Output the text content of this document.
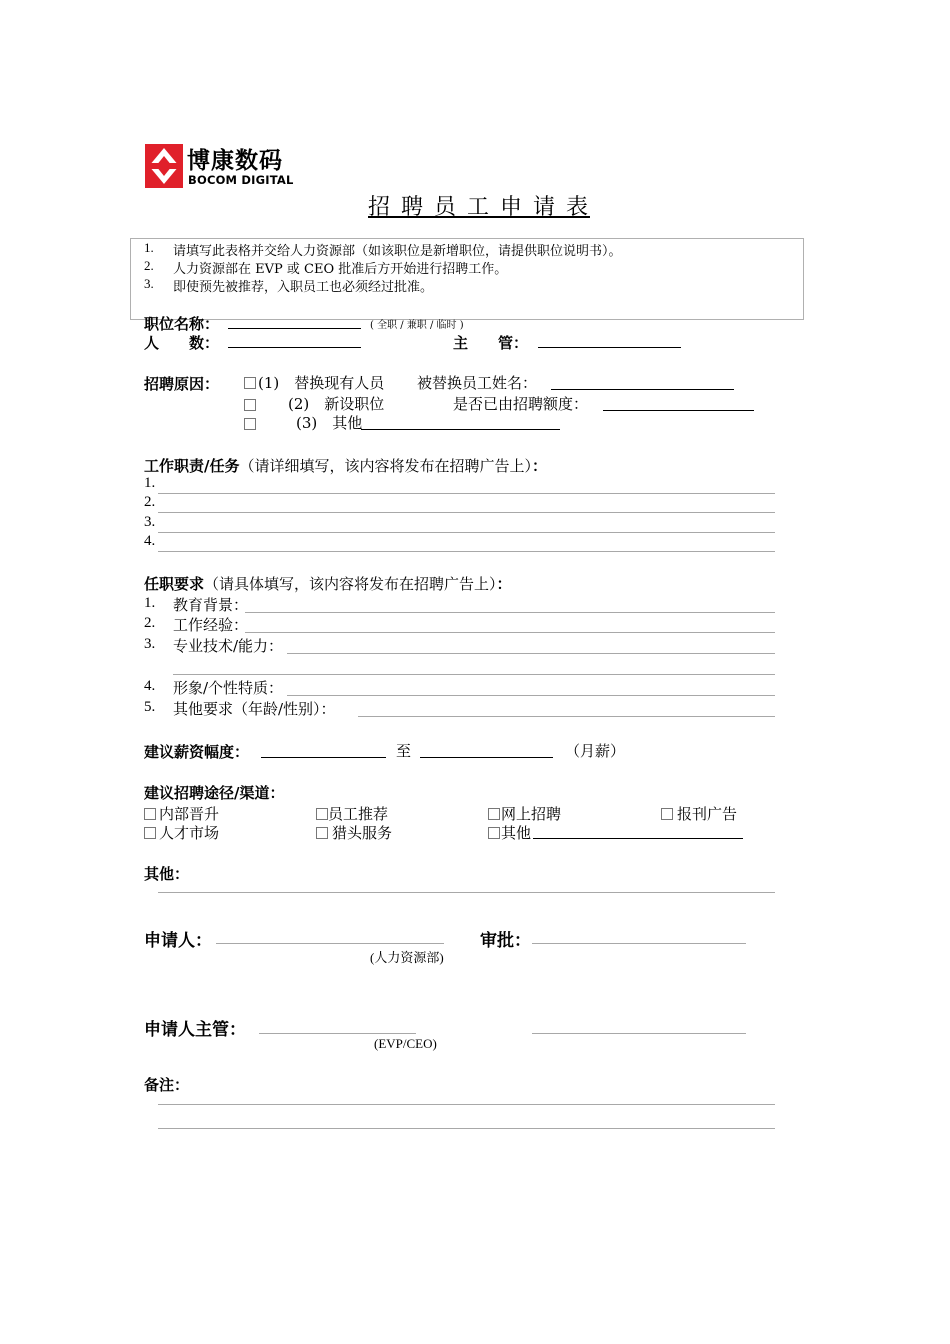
博康数码
BOCOM DIGITAL
招 聘 员 工 申 请 表
1. 请填写此表格并交给人力资源部（如该职位是新增职位，请提供职位说明书）。
2. 人力资源部在 EVP 或 CEO 批准后方开始进行招聘工作。
3. 即使预先被推荐，入职员工也必须经过批准。
职位名称：	( 全职 / 兼职 / 临时 )
人　　数：	主　　管：
招聘原因：	(1)　替换现有人员 被替换员工姓名：
(2)　新设职位	是否已由招聘额度：
(3)　其他
工作职责/任务（请详细填写，该内容将发布在招聘广告上）：
1.
2.
3.
4.
任职要求（请具体填写，该内容将发布在招聘广告上）：
1. 教育背景：
2. 工作经验：
3. 专业技术/能力：
4. 形象/个性特质：
5. 其他要求（年龄/性别）：
建议薪资幅度：	至	（月薪）
建议招聘途径/渠道：
内部晋升	员工推荐	网上招聘	报刊广告
人才市场	猎头服务	其他
其他：
申请人：
(人力资源部)
审批：
申请人主管：
(EVP/CEO)
备注：
